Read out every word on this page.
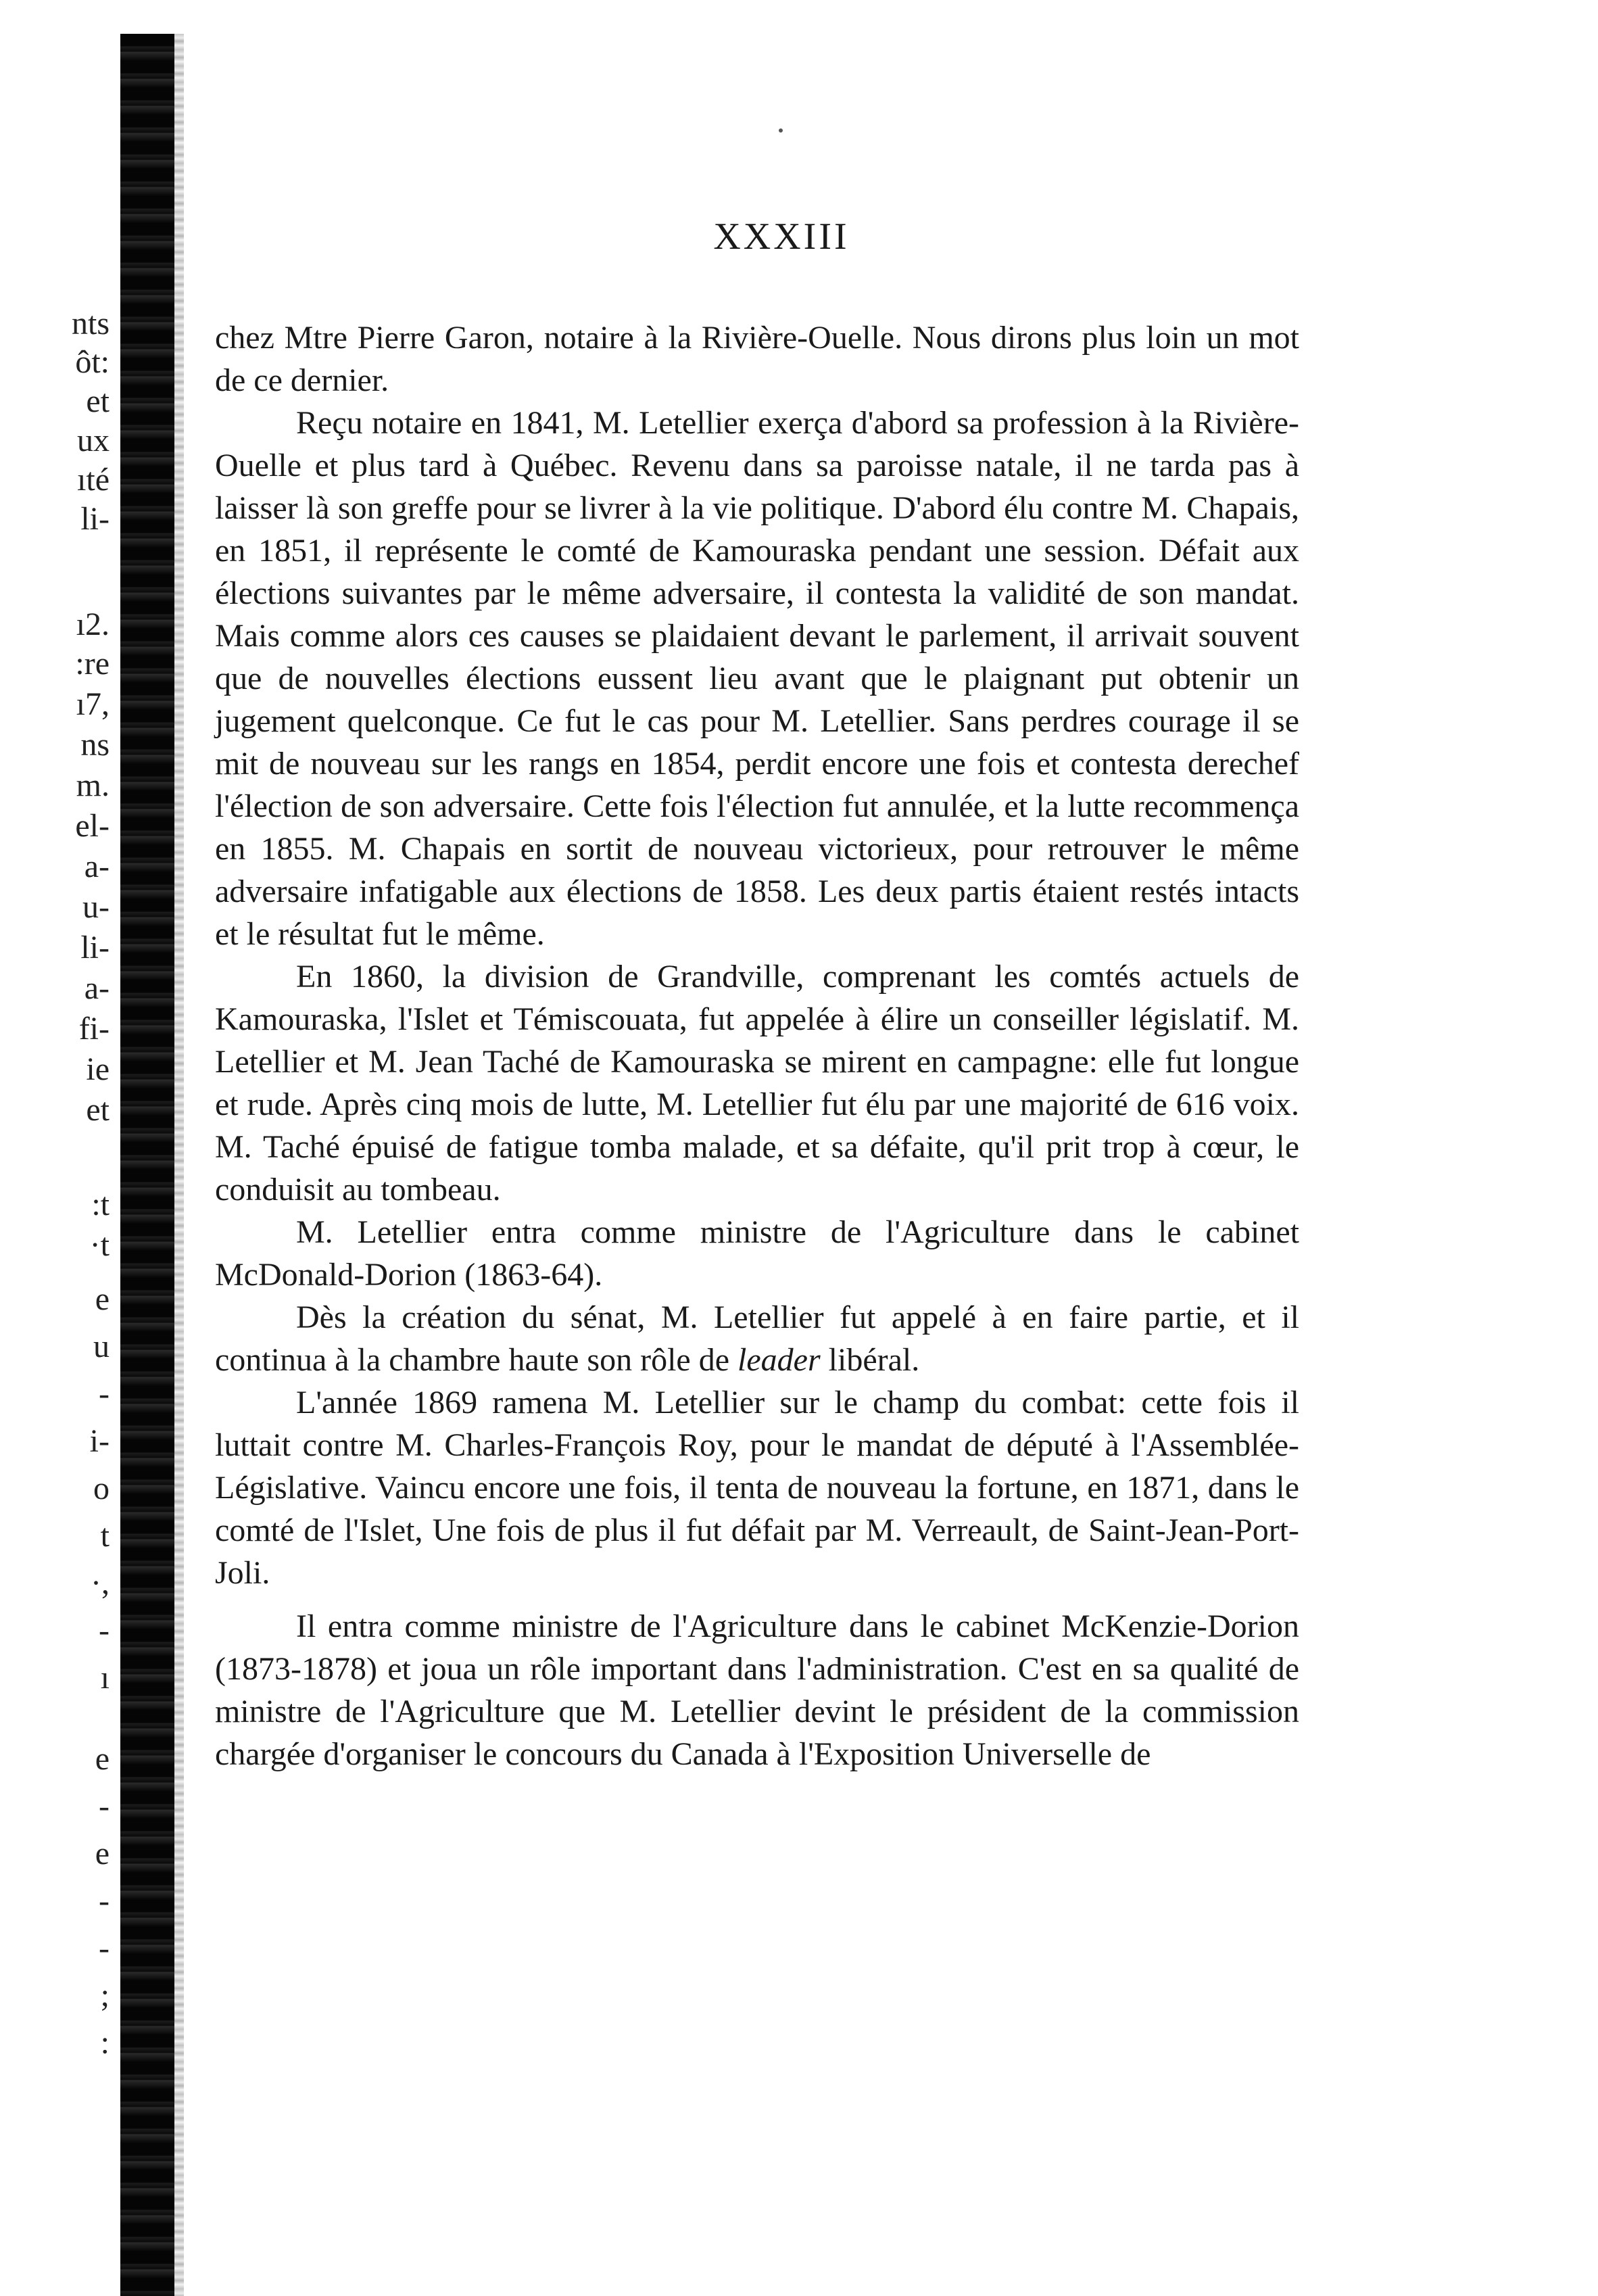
nts
ôt:
et
ux
ıté
li-
ı2.
:re
ı7,
ns
m.
el-
a-
u-
li-
a-
fi-
ie
et
:t
·t
e
u
-
i-
o
t
·,
-
ı
e
-
e
-
-
;
:
XXXIII

chez Mtre Pierre Garon, notaire à la Rivière-Ouelle. Nous dirons plus loin un mot de ce dernier.

Reçu notaire en 1841, M. Letellier exerça d'abord sa profession à la Rivière-Ouelle et plus tard à Québec. Revenu dans sa paroisse natale, il ne tarda pas à laisser là son greffe pour se livrer à la vie politique. D'abord élu contre M. Chapais, en 1851, il représente le comté de Kamouraska pendant une session. Défait aux élections suivantes par le même adversaire, il contesta la validité de son mandat. Mais comme alors ces causes se plaidaient devant le parlement, il arrivait souvent que de nouvelles élections eussent lieu avant que le plaignant put obtenir un jugement quelconque. Ce fut le cas pour M. Letellier. Sans perdres courage il se mit de nouveau sur les rangs en 1854, perdit encore une fois et contesta derechef l'élection de son adversaire. Cette fois l'élection fut annulée, et la lutte recommença en 1855. M. Chapais en sortit de nouveau victorieux, pour retrouver le même adversaire infatigable aux élections de 1858. Les deux partis étaient restés intacts et le résultat fut le même.

En 1860, la division de Grandville, comprenant les comtés actuels de Kamouraska, l'Islet et Témiscouata, fut appelée à élire un conseiller législatif. M. Letellier et M. Jean Taché de Kamouraska se mirent en campagne: elle fut longue et rude. Après cinq mois de lutte, M. Letellier fut élu par une majorité de 616 voix. M. Taché épuisé de fatigue tomba malade, et sa défaite, qu'il prit trop à cœur, le conduisit au tombeau.

M. Letellier entra comme ministre de l'Agriculture dans le cabinet McDonald-Dorion (1863-64).

Dès la création du sénat, M. Letellier fut appelé à en faire partie, et il continua à la chambre haute son rôle de leader libéral.

L'année 1869 ramena M. Letellier sur le champ du combat: cette fois il luttait contre M. Charles-François Roy, pour le mandat de député à l'Assemblée-Législative. Vaincu encore une fois, il tenta de nouveau la fortune, en 1871, dans le comté de l'Islet, Une fois de plus il fut défait par M. Verreault, de Saint-Jean-Port-Joli.

Il entra comme ministre de l'Agriculture dans le cabinet McKenzie-Dorion (1873-1878) et joua un rôle important dans l'administration. C'est en sa qualité de ministre de l'Agriculture que M. Letellier devint le président de la commission chargée d'organiser le concours du Canada à l'Exposition Universelle de
